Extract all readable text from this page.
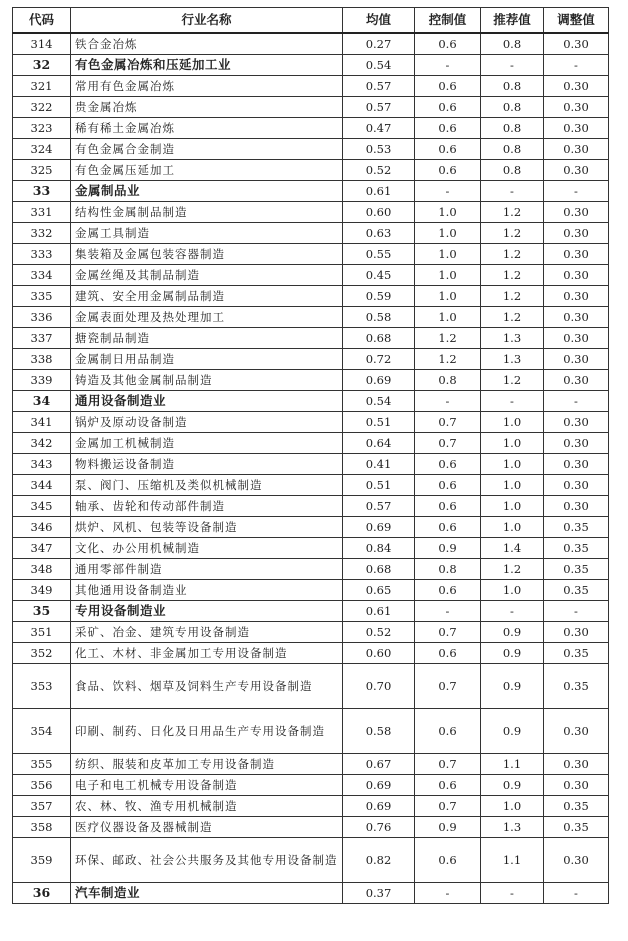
代码	行业名称	均值	控制值	推荐值	调整值
314	铁合金冶炼	0.27	0.6	0.8	0.30
32	有色金属冶炼和压延加工业	0.54	-	-	-
321	常用有色金属冶炼	0.57	0.6	0.8	0.30
322	贵金属冶炼	0.57	0.6	0.8	0.30
323	稀有稀土金属冶炼	0.47	0.6	0.8	0.30
324	有色金属合金制造	0.53	0.6	0.8	0.30
325	有色金属压延加工	0.52	0.6	0.8	0.30
33	金属制品业	0.61	-	-	-
331	结构性金属制品制造	0.60	1.0	1.2	0.30
332	金属工具制造	0.63	1.0	1.2	0.30
333	集装箱及金属包装容器制造	0.55	1.0	1.2	0.30
334	金属丝绳及其制品制造	0.45	1.0	1.2	0.30
335	建筑、安全用金属制品制造	0.59	1.0	1.2	0.30
336	金属表面处理及热处理加工	0.58	1.0	1.2	0.30
337	搪瓷制品制造	0.68	1.2	1.3	0.30
338	金属制日用品制造	0.72	1.2	1.3	0.30
339	铸造及其他金属制品制造	0.69	0.8	1.2	0.30
34	通用设备制造业	0.54	-	-	-
341	锅炉及原动设备制造	0.51	0.7	1.0	0.30
342	金属加工机械制造	0.64	0.7	1.0	0.30
343	物料搬运设备制造	0.41	0.6	1.0	0.30
344	泵、阀门、压缩机及类似机械制造	0.51	0.6	1.0	0.30
345	轴承、齿轮和传动部件制造	0.57	0.6	1.0	0.30
346	烘炉、风机、包装等设备制造	0.69	0.6	1.0	0.35
347	文化、办公用机械制造	0.84	0.9	1.4	0.35
348	通用零部件制造	0.68	0.8	1.2	0.35
349	其他通用设备制造业	0.65	0.6	1.0	0.35
35	专用设备制造业	0.61	-	-	-
351	采矿、冶金、建筑专用设备制造	0.52	0.7	0.9	0.30
352	化工、木材、非金属加工专用设备制造	0.60	0.6	0.9	0.35
353	食品、饮料、烟草及饲料生产专用设备制造	0.70	0.7	0.9	0.35
354	印刷、制药、日化及日用品生产专用设备制造	0.58	0.6	0.9	0.30
355	纺织、服装和皮革加工专用设备制造	0.67	0.7	1.1	0.30
356	电子和电工机械专用设备制造	0.69	0.6	0.9	0.30
357	农、林、牧、渔专用机械制造	0.69	0.7	1.0	0.35
358	医疗仪器设备及器械制造	0.76	0.9	1.3	0.35
359	环保、邮政、社会公共服务及其他专用设备制造	0.82	0.6	1.1	0.30
36	汽车制造业	0.37	-	-	-
